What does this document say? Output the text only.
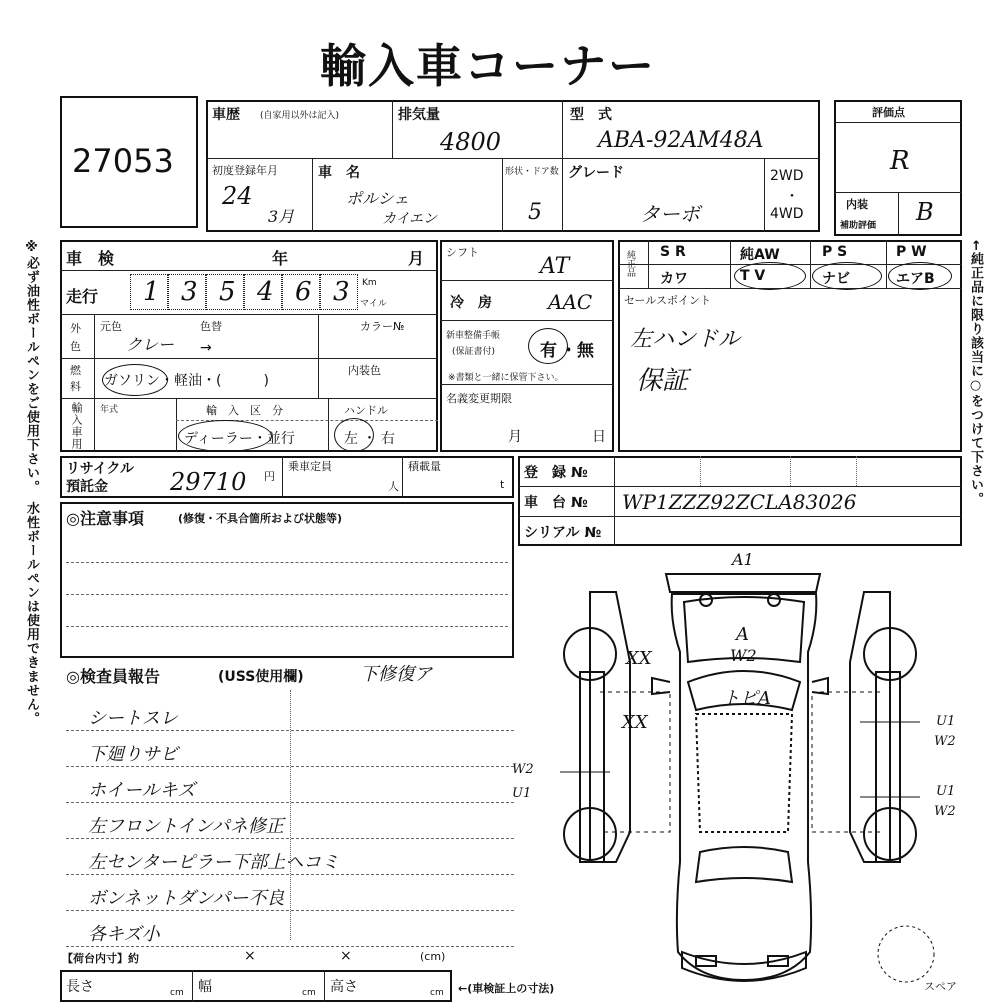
輸入車コーナー
※必ず油性ボールペンをご使用下さい。　水性ボールペンは使用できません。	←純正品に限り該当に○をつけて下さい。
27053
車歴 (自家用以外は記入)	排気量
4800
型　式
ABA-92AM48A
初度登録年月
24
3月
車　名
ポルシェ
カイエン
形状・ドア数
5
グレード
ターボ
2WD
・
4WD
評価点
R
内装
補助評価 B
車　検	年	月
走行 1 3 5 4 6 3 Km
マイル
外
色
元色	色替
クレー →
カラー№
燃
料 ガソリン・軽油・(　　　)
内装色
輸入車用
年式	輸　入　区　分
ディーラー・並行
ハンドル
左 ・ 右
シフト
AT
冷　房	AAC
新車整備手帳
(保証書付)	有 ・無
※書類と一緒に保管下さい。
名義変更期限
月	日
純正品 S R	純AW	P S	P W
カワ	T V	ナビ	エアB
セールスポイント
左ハンドル
保証
リサイクル
預託金	29710 円
乗車定員
人
積載量
t
登　録 №
車　台 № WP1ZZZ92ZCLA83026
シリアル №
◎注意事項	(修復・不具合箇所および状態等)
◎検査員報告	(USS使用欄)	下修復ア
シートスレ
下廻りサビ
ホイールキズ
左フロントインパネ修正
左センターピラー下部上ヘコミ
ボンネットダンパー不良
各キズ小
【荷台内寸】約	×	×	(cm)
長さ	cm 幅	cm 高さ	cm ←(車検証上の寸法)
A1
A
W2
トピA
XX
XX
W2
U1
U1
W2
U1
W2
スペア
